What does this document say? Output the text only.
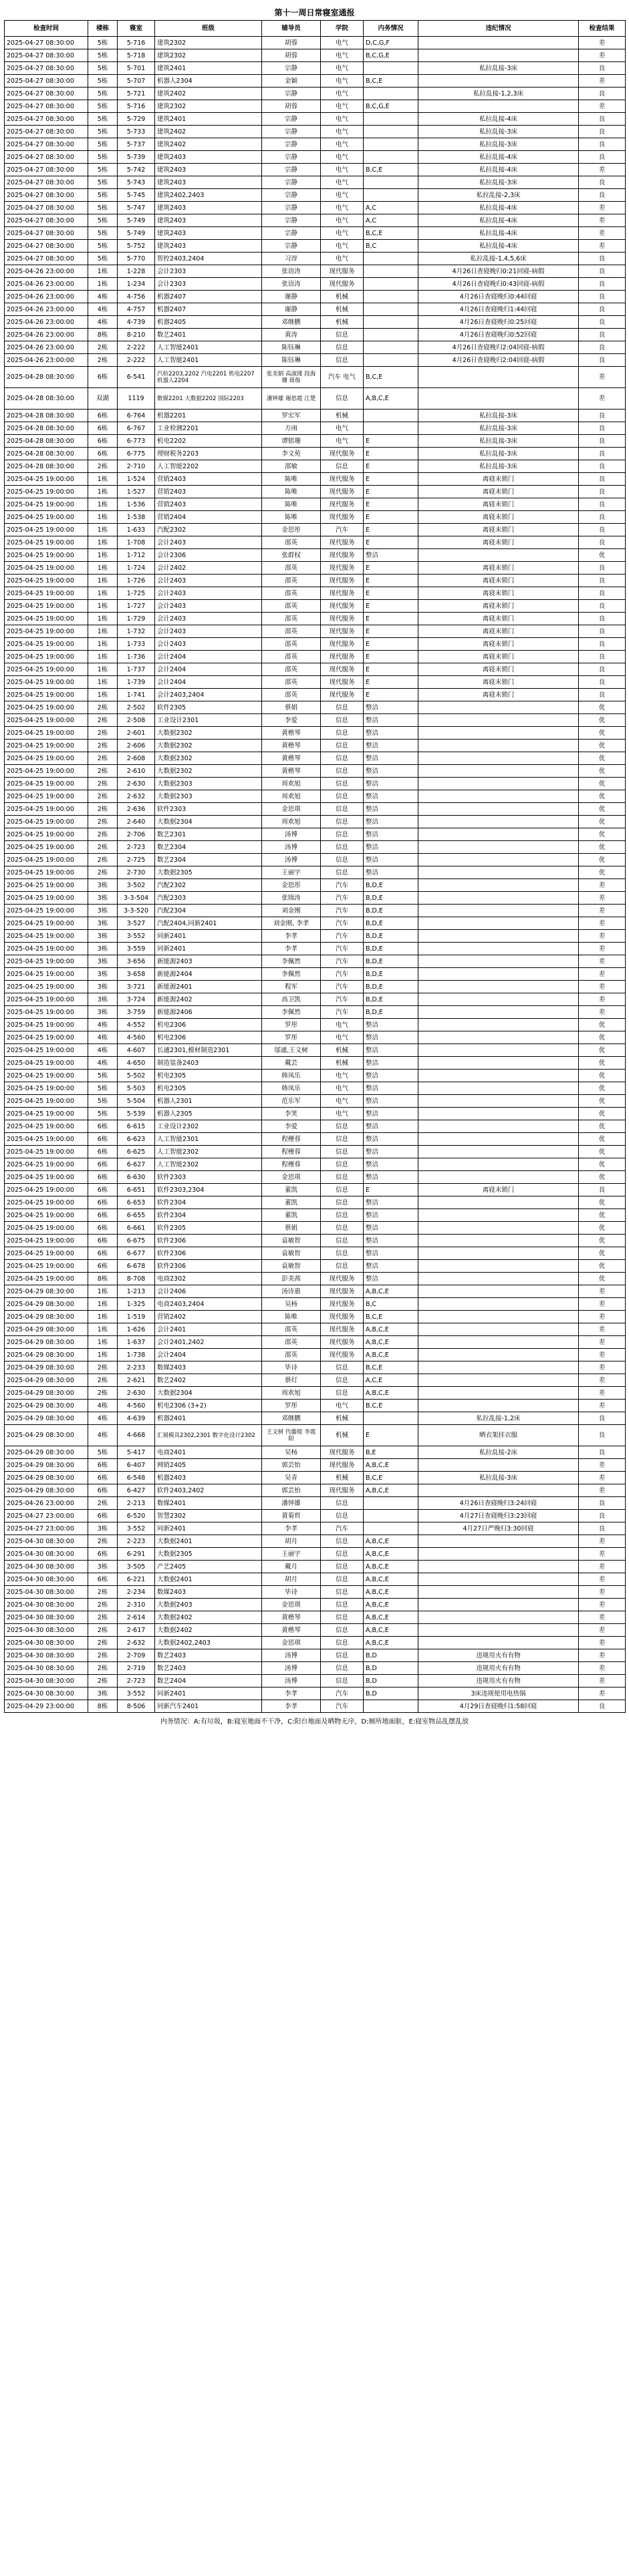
第十一周日常寝室通报
检查时间	楼栋	寝室	班级	辅导员	学院	内务情况	违纪情况	检查结果
2025-04-27 08:30:00	5栋	5-716	建筑2302	胡蓉	电气	D,C,G,F		差
2025-04-27 08:30:00	5栋	5-718	建筑2302	胡蓉	电气	B,C,G,E		差
2025-04-27 08:30:00	5栋	5-701	建筑2401	宗静	电气		私拉乱接-3床	良
2025-04-27 08:30:00	5栋	5-707	机器人2304	金颖	电气	B,C,E		差
2025-04-27 08:30:00	5栋	5-721	建筑2402	宗静	电气		私拉乱接-1,2,3床	良
2025-04-27 08:30:00	5栋	5-716	建筑2302	胡蓉	电气	B,C,G,E		差
2025-04-27 08:30:00	5栋	5-729	建筑2401	宗静	电气		私拉乱接-4床	良
2025-04-27 08:30:00	5栋	5-733	建筑2402	宗静	电气		私拉乱接-3床	良
2025-04-27 08:30:00	5栋	5-737	建筑2402	宗静	电气		私拉乱接-3床	良
2025-04-27 08:30:00	5栋	5-739	建筑2403	宗静	电气		私拉乱接-4床	良
2025-04-27 08:30:00	5栋	5-742	建筑2403	宗静	电气	B,C,E	私拉乱接-4床	差
2025-04-27 08:30:00	5栋	5-743	建筑2403	宗静	电气		私拉乱接-3床	良
2025-04-27 08:30:00	5栋	5-745	建筑2402,2403	宗静	电气		私拉乱接-2,3床	良
2025-04-27 08:30:00	5栋	5-747	建筑2403	宗静	电气	A,C	私拉乱接-4床	差
2025-04-27 08:30:00	5栋	5-749	建筑2403	宗静	电气	A,C	私拉乱接-4床	差
2025-04-27 08:30:00	5栋	5-749	建筑2403	宗静	电气	B,C,E	私拉乱接-4床	差
2025-04-27 08:30:00	5栋	5-752	建筑2403	宗静	电气	B,C	私拉乱接-4床	差
2025-04-27 08:30:00	5栋	5-770	智控2403,2404	习淳	电气		私拉乱接-1,4,5,6床	良
2025-04-26 23:00:00	1栋	1-228	会计2303	张语涛	现代服务		4月26日查寝晚归0:21回寝-病假	良
2025-04-26 23:00:00	1栋	1-234	会计2303	张语涛	现代服务		4月26日查寝晚归0:43回寝-病假	良
2025-04-26 23:00:00	4栋	4-756	机器2407	谢静	机械		4月26日查寝晚归0:44回寝	良
2025-04-26 23:00:00	4栋	4-757	机器2407	谢静	机械		4月26日查寝晚归1:44回寝	良
2025-04-26 23:00:00	4栋	4-739	机器2405	邓继鹏	机械		4月26日查寝晚归0:25回寝	良
2025-04-26 23:00:00	8栋	8-210	数艺2401	黄涛	信息		4月26日查寝晚归0:52回寝	良
2025-04-26 23:00:00	2栋	2-222	人工智能2401	陈钰琳	信息		4月26日查寝晚归2:04回寝-病假	良
2025-04-26 23:00:00	2栋	2-222	人工智能2401	陈钰琳	信息		4月26日查寝晚归2:04回寝-病假	良
2025-04-28 08:30:00	6栋	6-541	汽检2203,2202 汽电2201 机电2207 机器人2204	张美娟 高淑瑾 段海珊 蒋俊	汽车 电气	B,C,E		差
2025-04-28 08:30:00	双湖	1119	数媒2201 大数据2202 国际2203	潘钟雄 谢思霞 江楚	信息	A,B,C,E		差
2025-04-28 08:30:00	6栋	6-764	机器2201	罗宏军	机械		私拉乱接-3床	良
2025-04-28 08:30:00	6栋	6-767	工业检测2201	方雨	电气		私拉乱接-3床	良
2025-04-28 08:30:00	6栋	6-773	机电2202	谭铭珊	电气	E	私拉乱接-3床	良
2025-04-28 08:30:00	6栋	6-775	理财税务2203	李文苑	现代服务	E	私拉乱接-3床	良
2025-04-28 08:30:00	2栋	2-710	人工智能2202	邵敏	信息	E	私拉乱接-3床	良
2025-04-25 19:00:00	1栋	1-524	营销2403	陈唯	现代服务	E	离寝未锁门	良
2025-04-25 19:00:00	1栋	1-527	营销2403	陈唯	现代服务	E	离寝未锁门	良
2025-04-25 19:00:00	1栋	1-536	营销2403	陈唯	现代服务	E	离寝未锁门	良
2025-04-25 19:00:00	1栋	1-538	营销2404	陈唯	现代服务	E	离寝未锁门	良
2025-04-25 19:00:00	1栋	1-633	汽配2302	金思彤	汽车	E	离寝未锁门	良
2025-04-25 19:00:00	1栋	1-708	会计2403	邵英	现代服务	E	离寝未锁门	良
2025-04-25 19:00:00	1栋	1-712	会计2306	张群权	现代服务	整洁		优
2025-04-25 19:00:00	1栋	1-724	会计2402	邵英	现代服务	E	离寝未锁门	良
2025-04-25 19:00:00	1栋	1-726	会计2403	邵英	现代服务	E	离寝未锁门	良
2025-04-25 19:00:00	1栋	1-725	会计2403	邵英	现代服务	E	离寝未锁门	良
2025-04-25 19:00:00	1栋	1-727	会计2403	邵英	现代服务	E	离寝未锁门	良
2025-04-25 19:00:00	1栋	1-729	会计2403	邵英	现代服务	E	离寝未锁门	良
2025-04-25 19:00:00	1栋	1-732	会计2403	邵英	现代服务	E	离寝未锁门	良
2025-04-25 19:00:00	1栋	1-733	会计2403	邵英	现代服务	E	离寝未锁门	良
2025-04-25 19:00:00	1栋	1-736	会计2404	邵英	现代服务	E	离寝未锁门	良
2025-04-25 19:00:00	1栋	1-737	会计2404	邵英	现代服务	E	离寝未锁门	良
2025-04-25 19:00:00	1栋	1-739	会计2404	邵英	现代服务	E	离寝未锁门	良
2025-04-25 19:00:00	1栋	1-741	会计2403,2404	邵英	现代服务	E	离寝未锁门	良
2025-04-25 19:00:00	2栋	2-502	软件2305	蔡娟	信息	整洁		优
2025-04-25 19:00:00	2栋	2-508	工业设计2301	李爱	信息	整洁		优
2025-04-25 19:00:00	2栋	2-601	大数据2302	黄楷琴	信息	整洁		优
2025-04-25 19:00:00	2栋	2-606	大数据2302	黄楷琴	信息	整洁		优
2025-04-25 19:00:00	2栋	2-608	大数据2302	黄楷琴	信息	整洁		优
2025-04-25 19:00:00	2栋	2-610	大数据2302	黄楷琴	信息	整洁		优
2025-04-25 19:00:00	2栋	2-630	大数据2303	周欢旭	信息	整洁		优
2025-04-25 19:00:00	2栋	2-632	大数据2303	周欢旭	信息	整洁		优
2025-04-25 19:00:00	2栋	2-636	软件2303	金思琪	信息	整洁		优
2025-04-25 19:00:00	2栋	2-640	大数据2304	周欢旭	信息	整洁		优
2025-04-25 19:00:00	2栋	2-706	数艺2301	汤博	信息	整洁		优
2025-04-25 19:00:00	2栋	2-723	数艺2304	汤博	信息	整洁		优
2025-04-25 19:00:00	2栋	2-725	数艺2304	汤博	信息	整洁		优
2025-04-25 19:00:00	2栋	2-730	大数据2305	王丽宇	信息	整洁		优
2025-04-25 19:00:00	3栋	3-502	汽配2302	金思彤	汽车	B,D,E		差
2025-04-25 19:00:00	3栋	3-3-504	汽配2303	张锦涛	汽车	B,D,E		差
2025-04-25 19:00:00	3栋	3-3-520	汽配2304	刘金刚	汽车	B,D,E		差
2025-04-25 19:00:00	3栋	3-527	汽配2404,同新2401	刘金刚, 李孝	汽车	B,D,E		差
2025-04-25 19:00:00	3栋	3-552	同新2401	李孝	汽车	B,D,E		差
2025-04-25 19:00:00	3栋	3-559	同新2401	李孝	汽车	B,D,E		差
2025-04-25 19:00:00	3栋	3-656	新能源2403	李佩然	汽车	B,D,E		差
2025-04-25 19:00:00	3栋	3-658	新能源2404	李佩然	汽车	B,D,E		差
2025-04-25 19:00:00	3栋	3-721	新能源2401	程军	汽车	B,D,E		差
2025-04-25 19:00:00	3栋	3-724	新能源2402	高卫凯	汽车	B,D,E		差
2025-04-25 19:00:00	3栋	3-759	新能源2406	李佩然	汽车	B,D,E		差
2025-04-25 19:00:00	4栋	4-552	机电2306	罗彤	电气	整洁		优
2025-04-25 19:00:00	4栋	4-560	机电2306	罗彤	电气	整洁		优
2025-04-25 19:00:00	4栋	4-607	长通2301,模材制造2301	邬通,王文树	机械	整洁		优
2025-04-25 19:00:00	4栋	4-650	制造装备2403	戴芸	机械	整洁		优
2025-04-25 19:00:00	5栋	5-502	机电2305	韩凤乐	电气	整洁		优
2025-04-25 19:00:00	5栋	5-503	机电2305	韩凤乐	电气	整洁		优
2025-04-25 19:00:00	5栋	5-504	机器人2301	范乐军	电气	整洁		优
2025-04-25 19:00:00	5栋	5-539	机器人2305	李笑	电气	整洁		优
2025-04-25 19:00:00	6栋	6-615	工业设计2302	李爱	信息	整洁		优
2025-04-25 19:00:00	6栋	6-623	人工智能2301	程槿蓉	信息	整洁		优
2025-04-25 19:00:00	6栋	6-625	人工智能2302	程槿蓉	信息	整洁		优
2025-04-25 19:00:00	6栋	6-627	人工智能2302	程槿蓉	信息	整洁		优
2025-04-25 19:00:00	6栋	6-630	软件2303	金思琪	信息	整洁		优
2025-04-25 19:00:00	6栋	6-651	软件2303,2304	董凯	信息	E	离寝未锁门	良
2025-04-25 19:00:00	6栋	6-653	软件2304	董凯	信息	整洁		优
2025-04-25 19:00:00	6栋	6-655	软件2304	董凯	信息	整洁		优
2025-04-25 19:00:00	6栋	6-661	软件2305	蔡娟	信息	整洁		优
2025-04-25 19:00:00	6栋	6-675	软件2306	袁敏智	信息	整洁		优
2025-04-25 19:00:00	6栋	6-677	软件2306	袁敏智	信息	整洁		优
2025-04-25 19:00:00	6栋	6-678	软件2306	袁敏智	信息	整洁		优
2025-04-25 19:00:00	8栋	8-708	电商2302	彭美茜	现代服务	整洁		优
2025-04-29 08:30:00	1栋	1-213	会计2406	汤诗惠	现代服务	A,B,C,E		差
2025-04-29 08:30:00	1栋	1-325	电商2403,2404	吴杨	现代服务	B,C		差
2025-04-29 08:30:00	1栋	1-519	营销2402	陈唯	现代服务	B,C,E		差
2025-04-29 08:30:00	1栋	1-626	会计2401	邵英	现代服务	A,B,C,E		差
2025-04-29 08:30:00	1栋	1-637	会计2401,2402	邵英	现代服务	A,B,C,E		差
2025-04-29 08:30:00	1栋	1-738	会计2404	邵英	现代服务	A,B,C,E		差
2025-04-29 08:30:00	2栋	2-233	数媒2403	毕诗	信息	B,C,E		差
2025-04-29 08:30:00	2栋	2-621	数艺2402	蔡灯	信息	A,C,E		差
2025-04-29 08:30:00	2栋	2-630	大数据2304	周欢旭	信息	A,B,C,E		差
2025-04-29 08:30:00	4栋	4-560	机电2306 (3+2)	罗彤	电气	B,C,E		差
2025-04-29 08:30:00	4栋	4-639	机器2401	邓继鹏	机械		私拉乱接-1,2床	良
2025-04-29 08:30:00	4栋	4-668	汇展模具2302,2301 数字化设计2302	王文树 代藤缇 李霞阳	机械	E	晒衣架挂衣服	良
2025-04-29 08:30:00	5栋	5-417	电商2401	吴杨	现代服务	B,E	私拉乱接-2床	良
2025-04-29 08:30:00	6栋	6-407	网销2405	郭芸怡	现代服务	A,B,C,E		差
2025-04-29 08:30:00	6栋	6-548	机器2403	吴青	机械	B,C,E	私拉乱接-3床	差
2025-04-29 08:30:00	6栋	6-427	软件2403,2402	郭芸怡	现代服务	A,B,C,E		差
2025-04-26 23:00:00	2栋	2-213	数媒2401	潘钟雄	信息		4月26日查寝晚归3:24回寝	良
2025-04-27 23:00:00	6栋	6-520	智慧2302	黄菊哲	信息		4月27日查寝晚归3:23回寝	良
2025-04-27 23:00:00	3栋	3-552	同新2401	李孝	汽车		4月27日严晚归3:30回寝	良
2025-04-30 08:30:00	2栋	2-223	大数据2401	胡月	信息	A,B,C,E		差
2025-04-30 08:30:00	6栋	6-291	大数据2305	王丽宇	信息	A,B,C,E		差
2025-04-30 08:30:00	3栋	3-505	产艺2405	戴月	信息	A,B,C,E		差
2025-04-30 08:30:00	6栋	6-221	大数据2401	胡月	信息	A,B,C,E		差
2025-04-30 08:30:00	2栋	2-234	数媒2403	毕诗	信息	A,B,C,E		差
2025-04-30 08:30:00	2栋	2-310	大数据2403	金思琪	信息	A,B,C,E		差
2025-04-30 08:30:00	2栋	2-614	大数据2402	黄楷琴	信息	A,B,C,E		差
2025-04-30 08:30:00	2栋	2-617	大数据2402	黄楷琴	信息	A,B,C,E		差
2025-04-30 08:30:00	2栋	2-632	大数据2402,2403	金思琪	信息	A,B,C,E		差
2025-04-30 08:30:00	2栋	2-709	数艺2403	汤博	信息	B,D	违规用火有有物	差
2025-04-30 08:30:00	2栋	2-719	数艺2403	汤博	信息	B,D	违规用火有有物	差
2025-04-30 08:30:00	2栋	2-723	数艺2404	汤博	信息	B,D	违规用火有有物	差
2025-04-30 08:30:00	3栋	3-552	同新2401	李孝	汽车	B,D	3床违规使用电热锅	差
2025-04-29 23:00:00	8栋	8-506	同新汽车2401	李孝	汽车		4月29日查寝晚归1:58回寝	良
内务情况：A:有垃圾，B:寝室地面不干净，C:阳台地面及晒物无序，D:厕所地面脏，E:寝室物品乱摆乱放
